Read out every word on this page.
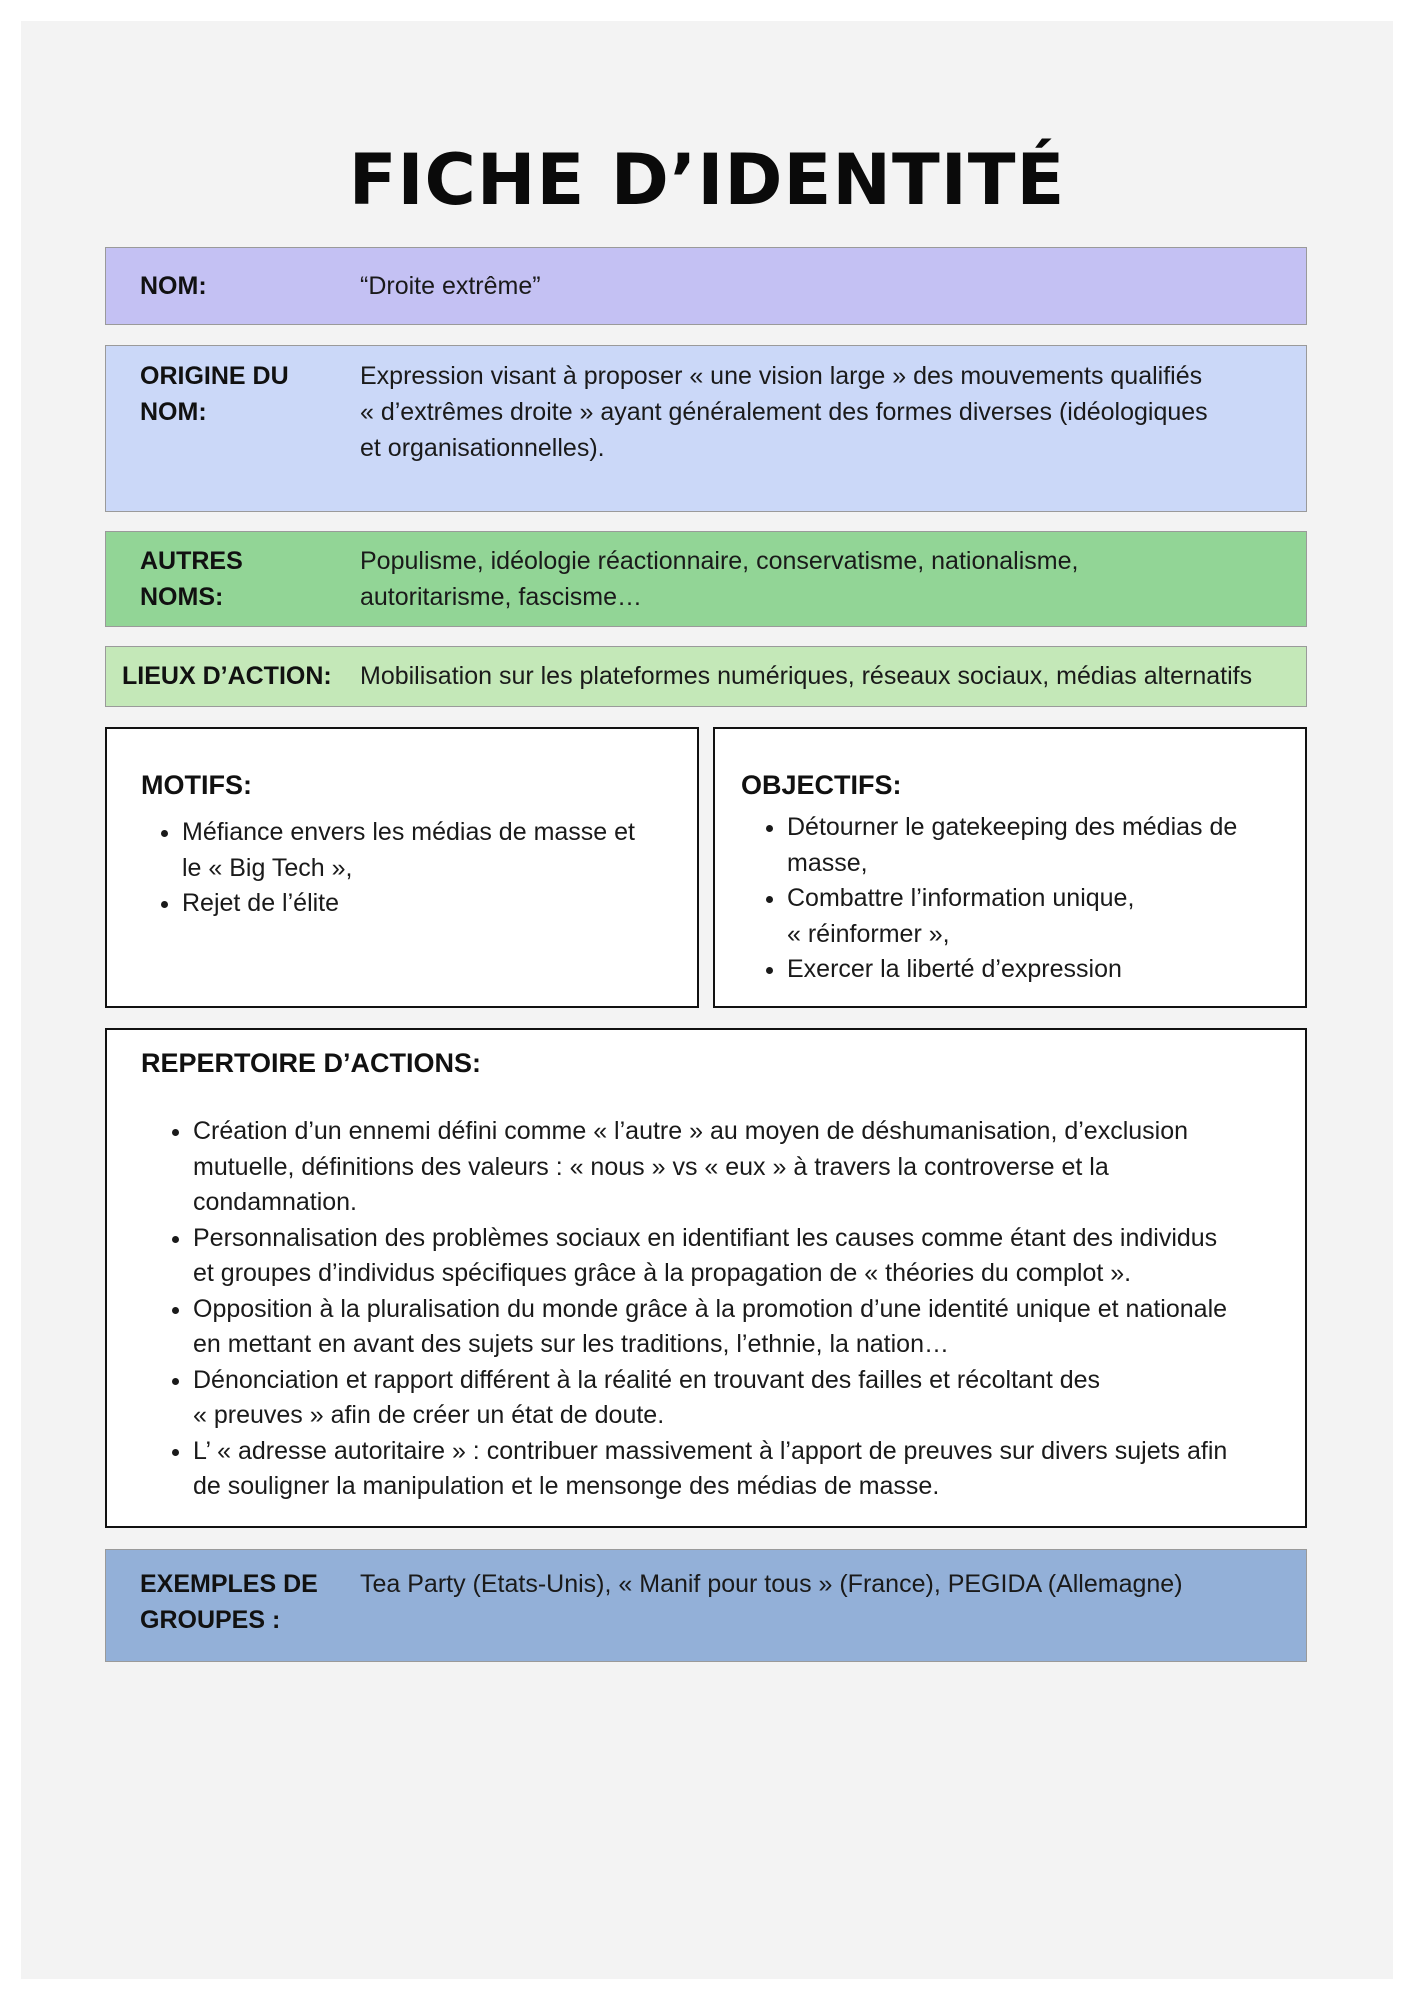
FICHE D’IDENTITÉ
NOM:	“Droite extrême”
ORIGINE DU
NOM:
Expression visant à proposer « une vision large » des mouvements qualifiés
« d’extrêmes droite » ayant généralement des formes diverses (idéologiques
et organisationnelles).
AUTRES
NOMS:
Populisme, idéologie réactionnaire, conservatisme, nationalisme,
autoritarisme, fascisme…
LIEUX D’ACTION: Mobilisation sur les plateformes numériques, réseaux sociaux, médias alternatifs
MOTIFS:
• Méfiance envers les médias de masse et
le « Big Tech »,
• Rejet de l’élite
OBJECTIFS:
• Détourner le gatekeeping des médias de
masse,
• Combattre l’information unique,
« réinformer »,
• Exercer la liberté d’expression
REPERTOIRE D’ACTIONS:
• Création d’un ennemi défini comme « l’autre » au moyen de déshumanisation, d’exclusion
mutuelle, définitions des valeurs : « nous » vs « eux » à travers la controverse et la
condamnation.
• Personnalisation des problèmes sociaux en identifiant les causes comme étant des individus
et groupes d’individus spécifiques grâce à la propagation de « théories du complot ».
• Opposition à la pluralisation du monde grâce à la promotion d’une identité unique et nationale
en mettant en avant des sujets sur les traditions, l’ethnie, la nation…
• Dénonciation et rapport différent à la réalité en trouvant des failles et récoltant des
« preuves » afin de créer un état de doute.
• L’ « adresse autoritaire » : contribuer massivement à l’apport de preuves sur divers sujets afin
de souligner la manipulation et le mensonge des médias de masse.
EXEMPLES DE
GROUPES :
Tea Party (Etats-Unis), « Manif pour tous » (France), PEGIDA (Allemagne)
